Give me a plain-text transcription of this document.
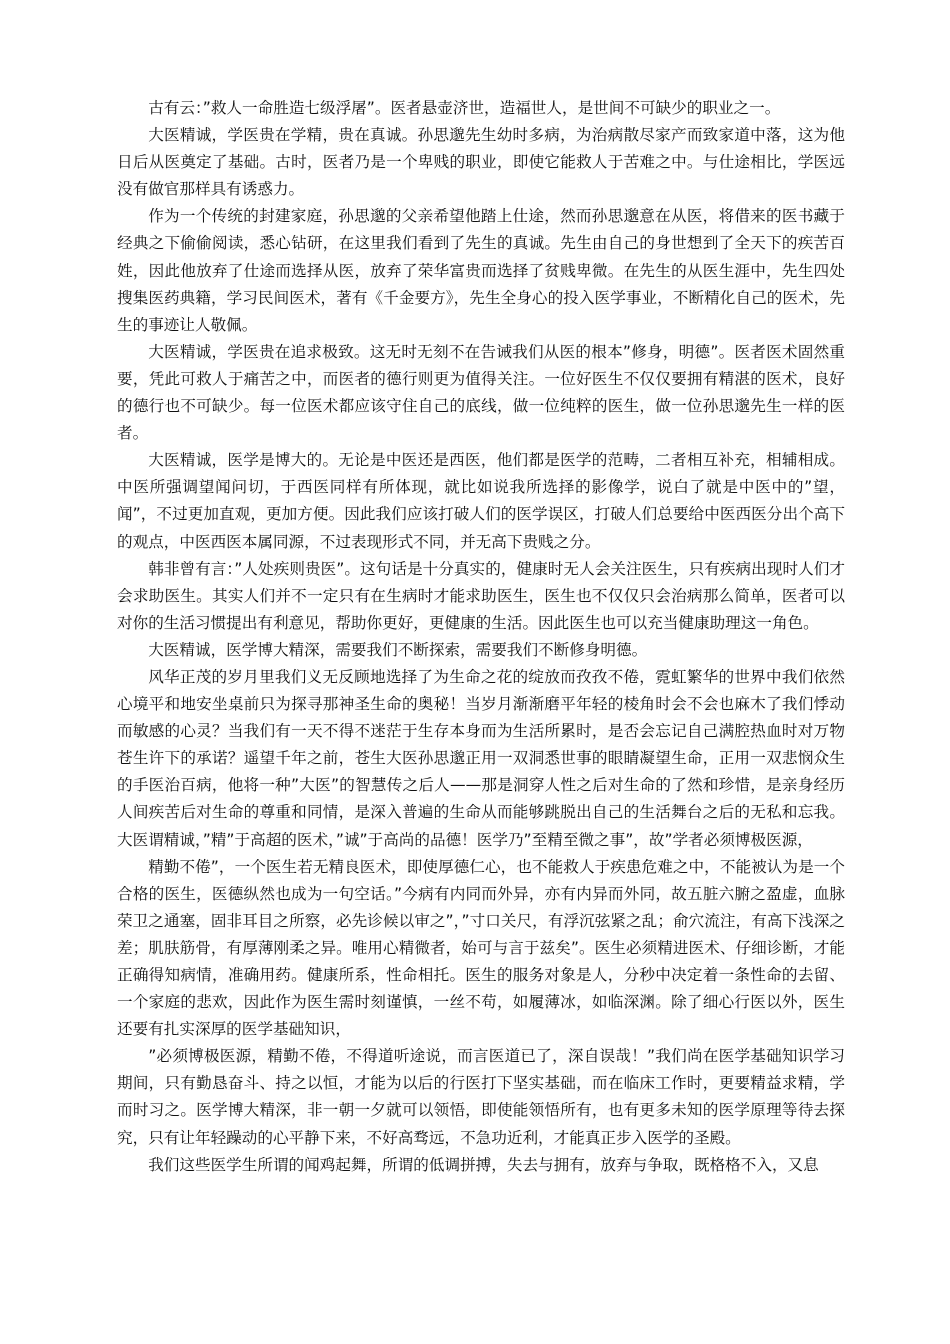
古有云：”救人一命胜造七级浮屠”。医者悬壶济世，造福世人，是世间不可缺少的职业之一。

大医精诚，学医贵在学精，贵在真诚。孙思邈先生幼时多病，为治病散尽家产而致家道中落，这为他日后从医奠定了基础。古时，医者乃是一个卑贱的职业，即使它能救人于苦难之中。与仕途相比，学医远没有做官那样具有诱惑力。

作为一个传统的封建家庭，孙思邈的父亲希望他踏上仕途，然而孙思邈意在从医，将借来的医书藏于经典之下偷偷阅读，悉心钻研，在这里我们看到了先生的真诚。先生由自己的身世想到了全天下的疾苦百姓，因此他放弃了仕途而选择从医，放弃了荣华富贵而选择了贫贱卑微。在先生的从医生涯中，先生四处搜集医药典籍，学习民间医术，著有《千金要方》，先生全身心的投入医学事业，不断精化自己的医术，先生的事迹让人敬佩。

大医精诚，学医贵在追求极致。这无时无刻不在告诫我们从医的根本”修身，明德”。医者医术固然重要，凭此可救人于痛苦之中，而医者的德行则更为值得关注。一位好医生不仅仅要拥有精湛的医术，良好的德行也不可缺少。每一位医术都应该守住自己的底线，做一位纯粹的医生，做一位孙思邈先生一样的医者。

大医精诚，医学是博大的。无论是中医还是西医，他们都是医学的范畴，二者相互补充，相辅相成。中医所强调望闻问切，于西医同样有所体现，就比如说我所选择的影像学，说白了就是中医中的”望，闻”，不过更加直观，更加方便。因此我们应该打破人们的医学误区，打破人们总要给中医西医分出个高下的观点，中医西医本属同源，不过表现形式不同，并无高下贵贱之分。

韩非曾有言：”人处疾则贵医”。这句话是十分真实的，健康时无人会关注医生，只有疾病出现时人们才会求助医生。其实人们并不一定只有在生病时才能求助医生，医生也不仅仅只会治病那么简单，医者可以对你的生活习惯提出有利意见，帮助你更好，更健康的生活。因此医生也可以充当健康助理这一角色。

大医精诚，医学博大精深，需要我们不断探索，需要我们不断修身明德。

风华正茂的岁月里我们义无反顾地选择了为生命之花的绽放而孜孜不倦，霓虹繁华的世界中我们依然心境平和地安坐桌前只为探寻那神圣生命的奥秘！当岁月渐渐磨平年轻的棱角时会不会也麻木了我们悸动而敏感的心灵？当我们有一天不得不迷茫于生存本身而为生活所累时，是否会忘记自己满腔热血时对万物苍生许下的承诺？遥望千年之前，苍生大医孙思邈正用一双洞悉世事的眼睛凝望生命，正用一双悲悯众生的手医治百病，他将一种”大医”的智慧传之后人——那是洞穿人性之后对生命的了然和珍惜，是亲身经历人间疾苦后对生命的尊重和同情，是深入普遍的生命从而能够跳脱出自己的生活舞台之后的无私和忘我。大医谓精诚，”精”于高超的医术，”诚”于高尚的品德！医学乃”至精至微之事”，故”学者必须博极医源，

精勤不倦”，一个医生若无精良医术，即使厚德仁心，也不能救人于疾患危难之中，不能被认为是一个合格的医生，医德纵然也成为一句空话。”今病有内同而外异，亦有内异而外同，故五脏六腑之盈虚，血脉荣卫之通塞，固非耳目之所察，必先诊候以审之”，”寸口关尺，有浮沉弦紧之乱；俞穴流注，有高下浅深之差；肌肤筋骨，有厚薄刚柔之异。唯用心精微者，始可与言于兹矣”。医生必须精进医术、仔细诊断，才能正确得知病情，准确用药。健康所系，性命相托。医生的服务对象是人，分秒中决定着一条性命的去留、一个家庭的悲欢，因此作为医生需时刻谨慎，一丝不苟，如履薄冰，如临深渊。除了细心行医以外，医生还要有扎实深厚的医学基础知识，

”必须博极医源，精勤不倦，不得道听途说，而言医道已了，深自误哉！”我们尚在医学基础知识学习期间，只有勤恳奋斗、持之以恒，才能为以后的行医打下坚实基础，而在临床工作时，更要精益求精，学而时习之。医学博大精深，非一朝一夕就可以领悟，即使能领悟所有，也有更多未知的医学原理等待去探究，只有让年轻躁动的心平静下来，不好高骛远，不急功近利，才能真正步入医学的圣殿。

我们这些医学生所谓的闻鸡起舞，所谓的低调拼搏，失去与拥有，放弃与争取，既格格不入，又息
